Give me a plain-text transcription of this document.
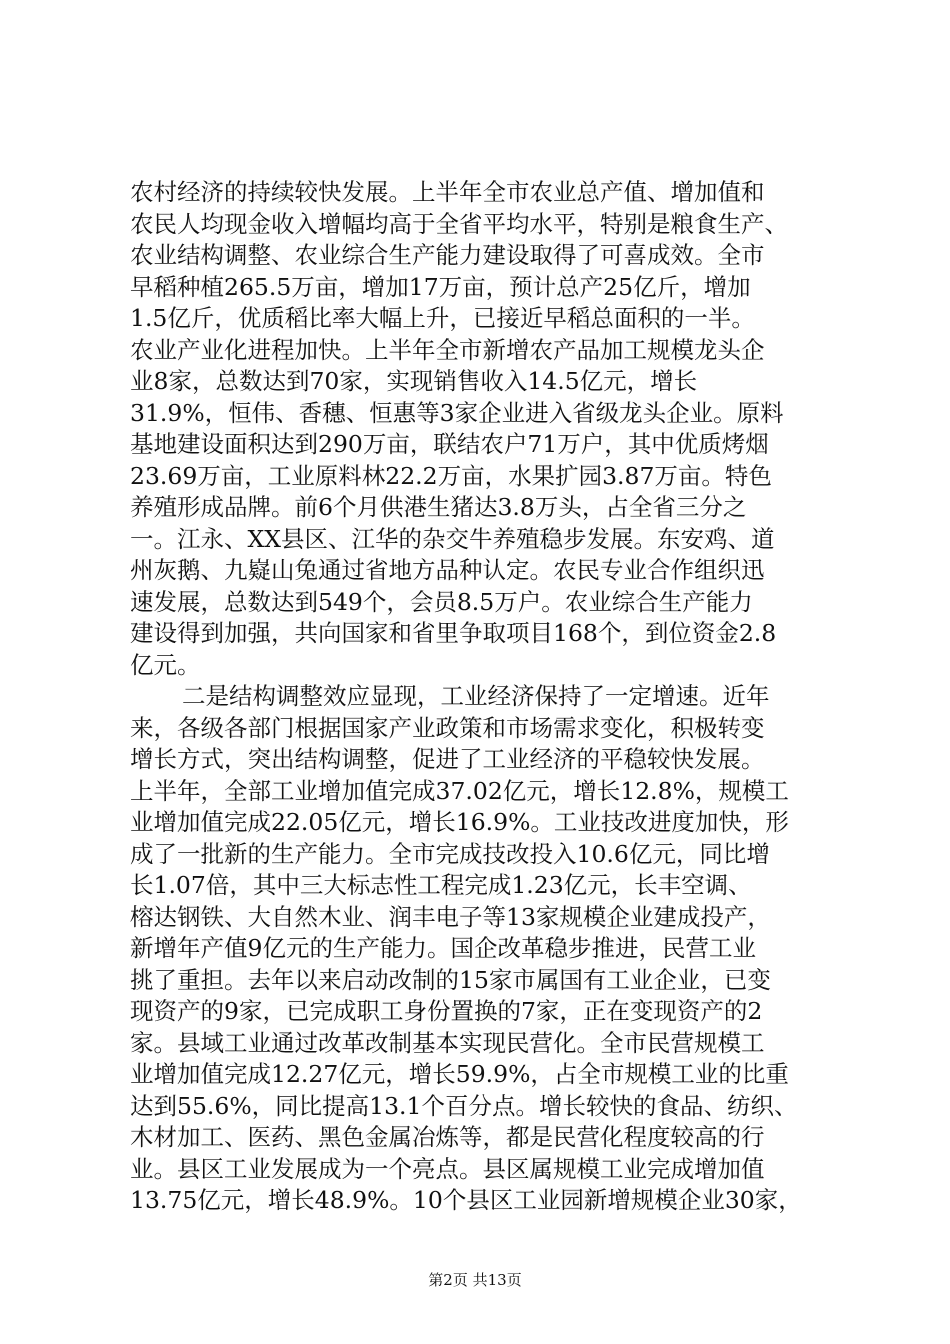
农村经济的持续较快发展。上半年全市农业总产值、增加值和
农民人均现金收入增幅均高于全省平均水平，特别是粮食生产、
农业结构调整、农业综合生产能力建设取得了可喜成效。全市
早稻种植265.5万亩，增加17万亩，预计总产25亿斤，增加
1.5亿斤，优质稻比率大幅上升，已接近早稻总面积的一半。
农业产业化进程加快。上半年全市新增农产品加工规模龙头企
业8家，总数达到70家，实现销售收入14.5亿元，增长
31.9%，恒伟、香穗、恒惠等3家企业进入省级龙头企业。原料
基地建设面积达到290万亩，联结农户71万户，其中优质烤烟
23.69万亩，工业原料林22.2万亩，水果扩园3.87万亩。特色
养殖形成品牌。前6个月供港生猪达3.8万头，占全省三分之
一。江永、XX县区、江华的杂交牛养殖稳步发展。东安鸡、道
州灰鹅、九嶷山兔通过省地方品种认定。农民专业合作组织迅
速发展，总数达到549个，会员8.5万户。农业综合生产能力
建设得到加强，共向国家和省里争取项目168个，到位资金2.8
亿元。
二是结构调整效应显现，工业经济保持了一定增速。近年
来，各级各部门根据国家产业政策和市场需求变化，积极转变
增长方式，突出结构调整，促进了工业经济的平稳较快发展。
上半年，全部工业增加值完成37.02亿元，增长12.8%，规模工
业增加值完成22.05亿元，增长16.9%。工业技改进度加快，形
成了一批新的生产能力。全市完成技改投入10.6亿元，同比增
长1.07倍，其中三大标志性工程完成1.23亿元，长丰空调、
榕达钢铁、大自然木业、润丰电子等13家规模企业建成投产，
新增年产值9亿元的生产能力。国企改革稳步推进，民营工业
挑了重担。去年以来启动改制的15家市属国有工业企业，已变
现资产的9家，已完成职工身份置换的7家，正在变现资产的2
家。县域工业通过改革改制基本实现民营化。全市民营规模工
业增加值完成12.27亿元，增长59.9%，占全市规模工业的比重
达到55.6%，同比提高13.1个百分点。增长较快的食品、纺织、
木材加工、医药、黑色金属冶炼等，都是民营化程度较高的行
业。县区工业发展成为一个亮点。县区属规模工业完成增加值
13.75亿元，增长48.9%。10个县区工业园新增规模企业30家，
第2页 共13页
